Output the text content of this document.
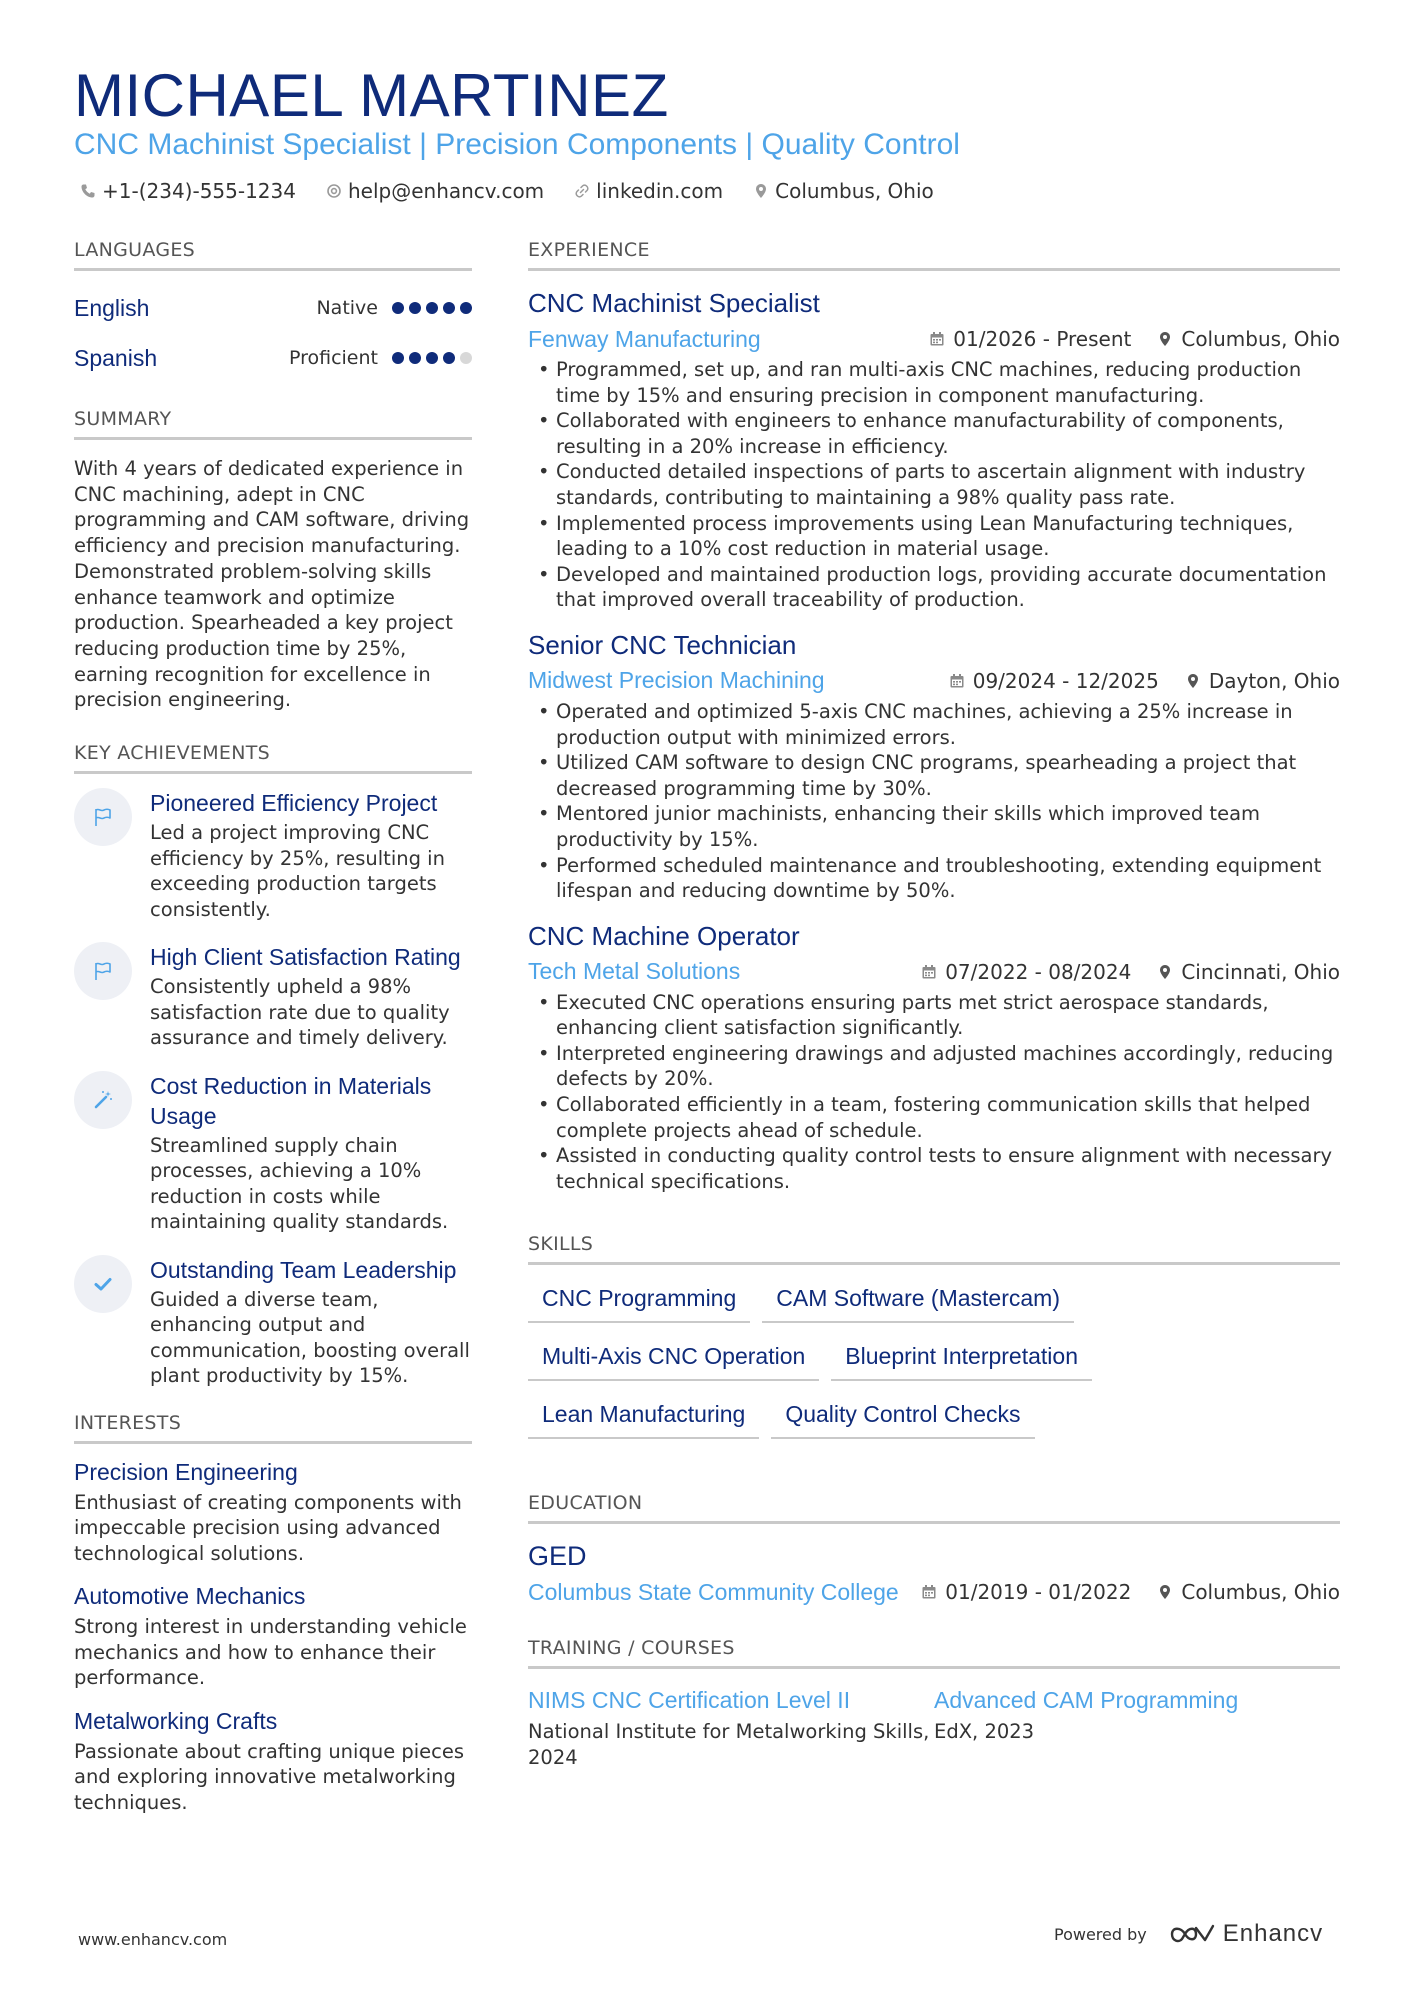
MICHAEL MARTINEZ
CNC Machinist Specialist | Precision Components | Quality Control
+1-(234)-555-1234	help@enhancv.com	linkedin.com	Columbus, Ohio
LANGUAGES
English	Native
Spanish	Proficient
SUMMARY
With 4 years of dedicated experience in CNC machining, adept in CNC programming and CAM software, driving efficiency and precision manufacturing. Demonstrated problem-solving skills enhance teamwork and optimize production. Spearheaded a key project reducing production time by 25%, earning recognition for excellence in precision engineering.
KEY ACHIEVEMENTS
Pioneered Efficiency Project
Led a project improving CNC efficiency by 25%, resulting in exceeding production targets consistently.
High Client Satisfaction Rating
Consistently upheld a 98% satisfaction rate due to quality assurance and timely delivery.
Cost Reduction in Materials Usage
Streamlined supply chain processes, achieving a 10% reduction in costs while maintaining quality standards.
Outstanding Team Leadership
Guided a diverse team, enhancing output and communication, boosting overall plant productivity by 15%.
INTERESTS
Precision Engineering
Enthusiast of creating components with impeccable precision using advanced technological solutions.
Automotive Mechanics
Strong interest in understanding vehicle mechanics and how to enhance their performance.
Metalworking Crafts
Passionate about crafting unique pieces and exploring innovative metalworking techniques.
EXPERIENCE
CNC Machinist Specialist
Fenway Manufacturing	01/2026 - Present	Columbus, Ohio
• Programmed, set up, and ran multi-axis CNC machines, reducing production time by 15% and ensuring precision in component manufacturing.
• Collaborated with engineers to enhance manufacturability of components, resulting in a 20% increase in efficiency.
• Conducted detailed inspections of parts to ascertain alignment with industry standards, contributing to maintaining a 98% quality pass rate.
• Implemented process improvements using Lean Manufacturing techniques, leading to a 10% cost reduction in material usage.
• Developed and maintained production logs, providing accurate documentation that improved overall traceability of production.
Senior CNC Technician
Midwest Precision Machining	09/2024 - 12/2025	Dayton, Ohio
• Operated and optimized 5-axis CNC machines, achieving a 25% increase in production output with minimized errors.
• Utilized CAM software to design CNC programs, spearheading a project that decreased programming time by 30%.
• Mentored junior machinists, enhancing their skills which improved team productivity by 15%.
• Performed scheduled maintenance and troubleshooting, extending equipment lifespan and reducing downtime by 50%.
CNC Machine Operator
Tech Metal Solutions	07/2022 - 08/2024	Cincinnati, Ohio
• Executed CNC operations ensuring parts met strict aerospace standards, enhancing client satisfaction significantly.
• Interpreted engineering drawings and adjusted machines accordingly, reducing defects by 20%.
• Collaborated efficiently in a team, fostering communication skills that helped complete projects ahead of schedule.
• Assisted in conducting quality control tests to ensure alignment with necessary technical specifications.
SKILLS
CNC Programming	CAM Software (Mastercam)
Multi-Axis CNC Operation	Blueprint Interpretation
Lean Manufacturing	Quality Control Checks
EDUCATION
GED
Columbus State Community College	01/2019 - 01/2022	Columbus, Ohio
TRAINING / COURSES
NIMS CNC Certification Level II
National Institute for Metalworking Skills, 2024
Advanced CAM Programming
EdX, 2023
www.enhancv.com	Powered by	Enhancv
